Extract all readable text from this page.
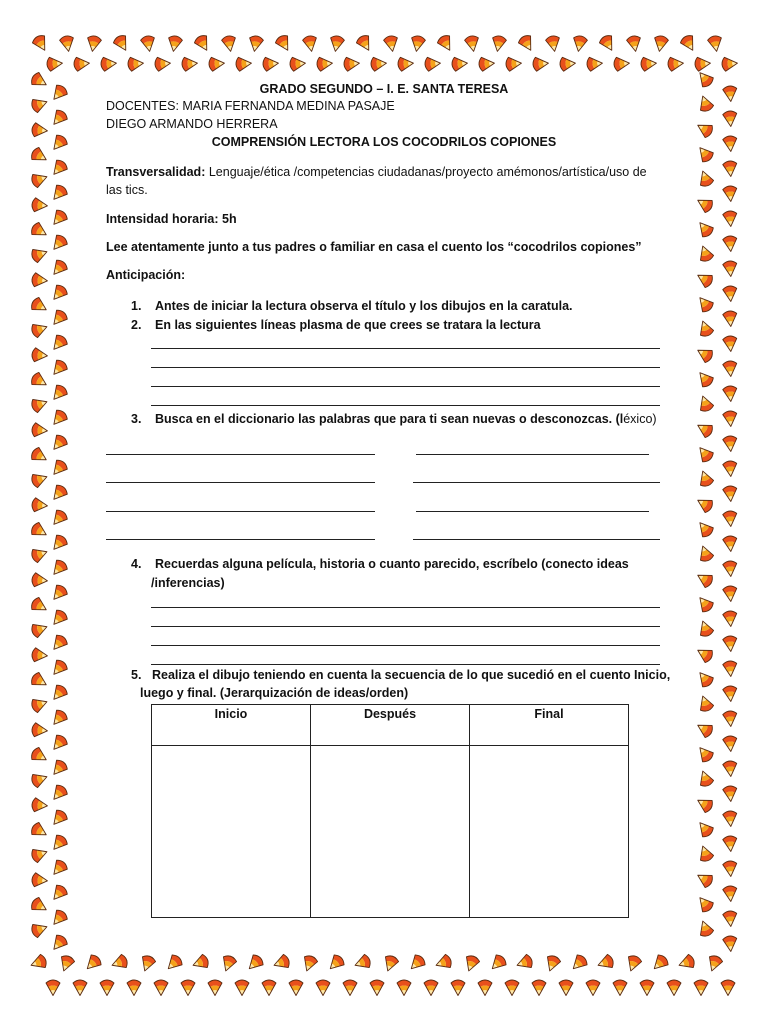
GRADO SEGUNDO – I. E. SANTA TERESA
DOCENTES: MARIA FERNANDA MEDINA PASAJE
DIEGO ARMANDO HERRERA
COMPRENSIÓN LECTORA LOS COCODRILOS COPIONES
Transversalidad: Lenguaje/ética /competencias ciudadanas/proyecto amémonos/artística/uso de
las tics.
Intensidad horaria: 5h
Lee atentamente junto a tus padres o familiar en casa el cuento los “cocodrilos copiones”
Anticipación:
1. Antes de iniciar la lectura observa el título y los dibujos en la caratula.
2. En las siguientes líneas plasma de que crees se tratara la lectura
3. Busca en el diccionario las palabras que para ti sean nuevas o desconozcas. (léxico)
4. Recuerdas alguna película, historia o cuanto parecido, escríbelo (conecto ideas
/inferencias)
5. Realiza el dibujo teniendo en cuenta la secuencia de lo que sucedió en el cuento Inicio,
luego y final. (Jerarquización de ideas/orden)
Inicio	Después	Final
